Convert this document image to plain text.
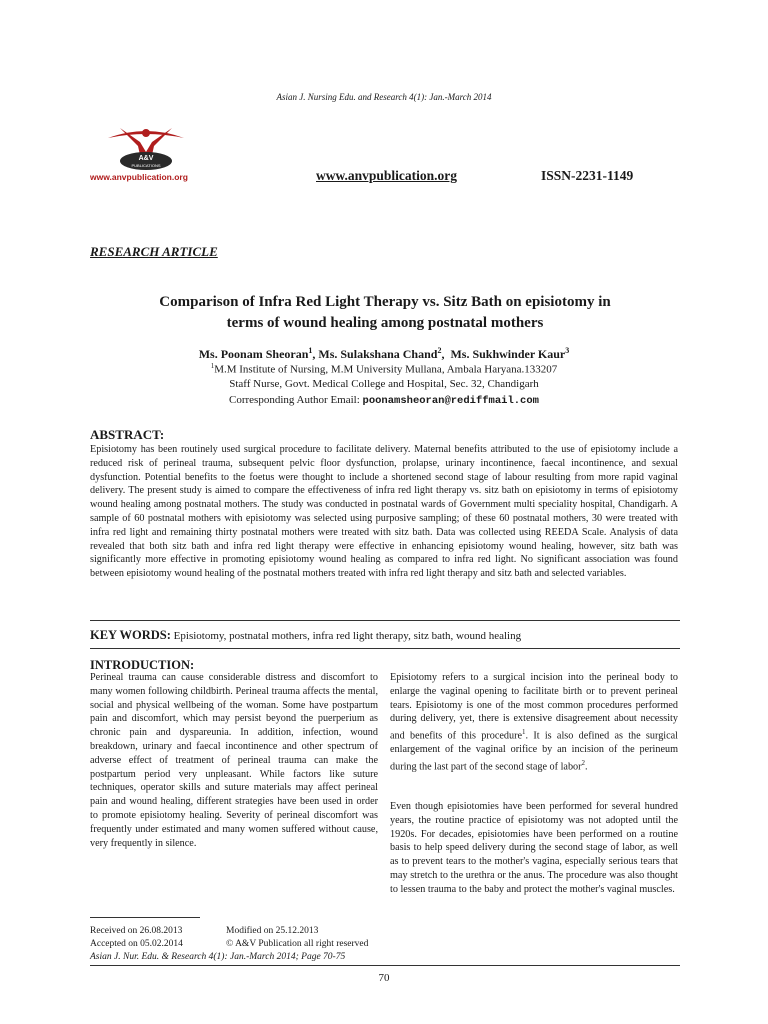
Asian J. Nursing Edu. and Research 4(1): Jan.-March 2014
A&V
PUBLICATIONS
www.anvpublication.org	www.anvpublication.org	ISSN-2231-1149
RESEARCH ARTICLE
Comparison of Infra Red Light Therapy vs. Sitz Bath on episiotomy in
terms of wound healing among postnatal mothers
Ms. Poonam Sheoran$^1$, Ms. Sulakshana Chand$^2$,  Ms. Sukhwinder Kaur$^3$
$^1$M.M Institute of Nursing, M.M University Mullana, Ambala Haryana.133207
Staff Nurse, Govt. Medical College and Hospital, Sec. 32, Chandigarh
Corresponding Author Email: poonamsheoran@rediffmail.com
ABSTRACT:
Episiotomy has been routinely used surgical procedure to facilitate delivery. Maternal benefits attributed to the use of episiotomy include a reduced risk of perineal trauma, subsequent pelvic floor dysfunction, prolapse, urinary incontinence, faecal incontinence, and sexual dysfunction. Potential benefits to the foetus were thought to include a shortened second stage of labour resulting from more rapid vaginal delivery. The present study is aimed to compare the effectiveness of infra red light therapy vs. sitz bath on episiotomy in terms of episiotomy wound healing among postnatal mothers. The study was conducted in postnatal wards of Government multi speciality hospital, Chandigarh. A sample of 60 postnatal mothers with episiotomy was selected using purposive sampling; of these 60 postnatal mothers, 30 were treated with infra red light and remaining thirty postnatal mothers were treated with sitz bath. Data was collected using REEDA Scale. Analysis of data revealed that both sitz bath and infra red light therapy were effective in enhancing episiotomy wound healing, however, sitz bath was significantly more effective in promoting episiotomy wound healing as compared to infra red light. No significant association was found between episiotomy wound healing of the postnatal mothers treated with infra red light therapy and sitz bath and selected variables.
KEY WORDS: Episiotomy, postnatal mothers, infra red light therapy, sitz bath, wound healing
INTRODUCTION:
Perineal trauma can cause considerable distress and discomfort to many women following childbirth. Perineal trauma affects the mental, social and physical wellbeing of the woman. Some have postpartum pain and discomfort, which may persist beyond the puerperium as chronic pain and dyspareunia. In addition, infection, wound breakdown, urinary and faecal incontinence and other spectrum of adverse effect of treatment of perineal trauma can make the postpartum period very unpleasant. While factors like suture techniques, operator skills and suture materials may affect perineal pain and wound healing, different strategies have been used in order to promote episiotomy healing. Severity of perineal discomfort was frequently under estimated and many women suffered without cause, very frequently in silence.
Episiotomy refers to a surgical incision into the perineal body to enlarge the vaginal opening to facilitate birth or to prevent perineal tears. Episiotomy is one of the most common procedures performed during delivery, yet, there is extensive disagreement about necessity and benefits of this procedure$^1$. It is also defined as the surgical enlargement of the vaginal orifice by an incision of the perineum during the last part of the second stage of labor$^2$.
Even though episiotomies have been performed for several hundred years, the routine practice of episiotomy was not adopted until the 1920s. For decades, episiotomies have been performed on a routine basis to help speed delivery during the second stage of labor, as well as to prevent tears to the mother's vagina, especially serious tears that may stretch to the urethra or the anus. The procedure was also thought to lessen trauma to the baby and protect the mother's vaginal muscles.
Received on 26.08.2013	Modified on 25.12.2013
Accepted on 05.02.2014	© A&V Publication all right reserved
Asian J. Nur. Edu. & Research 4(1): Jan.-March 2014; Page 70-75
70
